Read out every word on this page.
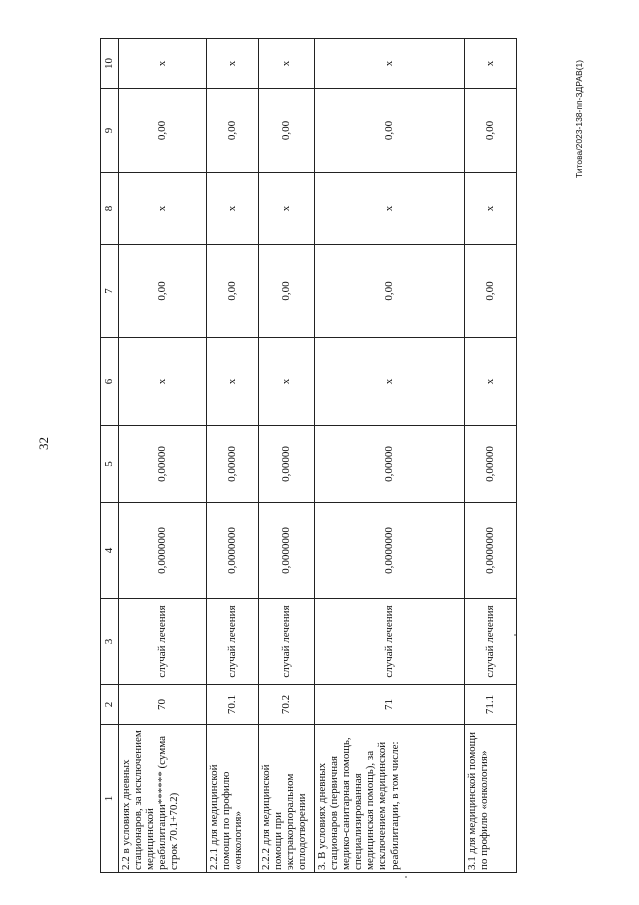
32
Титова/2023-138-пп-ЗДРАВ(1)
1	2	3	4	5	6	7	8	9	10
2.2 в условиях дневных стационаров, за исключением медицинской реабилитации****** (сумма строк 70.1+70.2)	70	случай лечения	0,0000000	0,00000	x	0,00	x	0,00	x
2.2.1 для медицинской помощи по профилю «онкология»	70.1	случай лечения	0,0000000	0,00000	x	0,00	x	0,00	x
2.2.2 для медицинской помощи при экстракорпоральном оплодотворении	70.2	случай лечения	0,0000000	0,00000	x	0,00	x	0,00	x
3. В условиях дневных стационаров (первичная медико-санитарная помощь, специализированная медицинская помощь), за исключением медицинской реабилитации, в том числе:	71	случай лечения	0,0000000	0,00000	x	0,00	x	0,00	x
3.1 для медицинской помощи по профилю «онкология»	71.1	случай лечения	0,0000000	0,00000	x	0,00	x	0,00	x
